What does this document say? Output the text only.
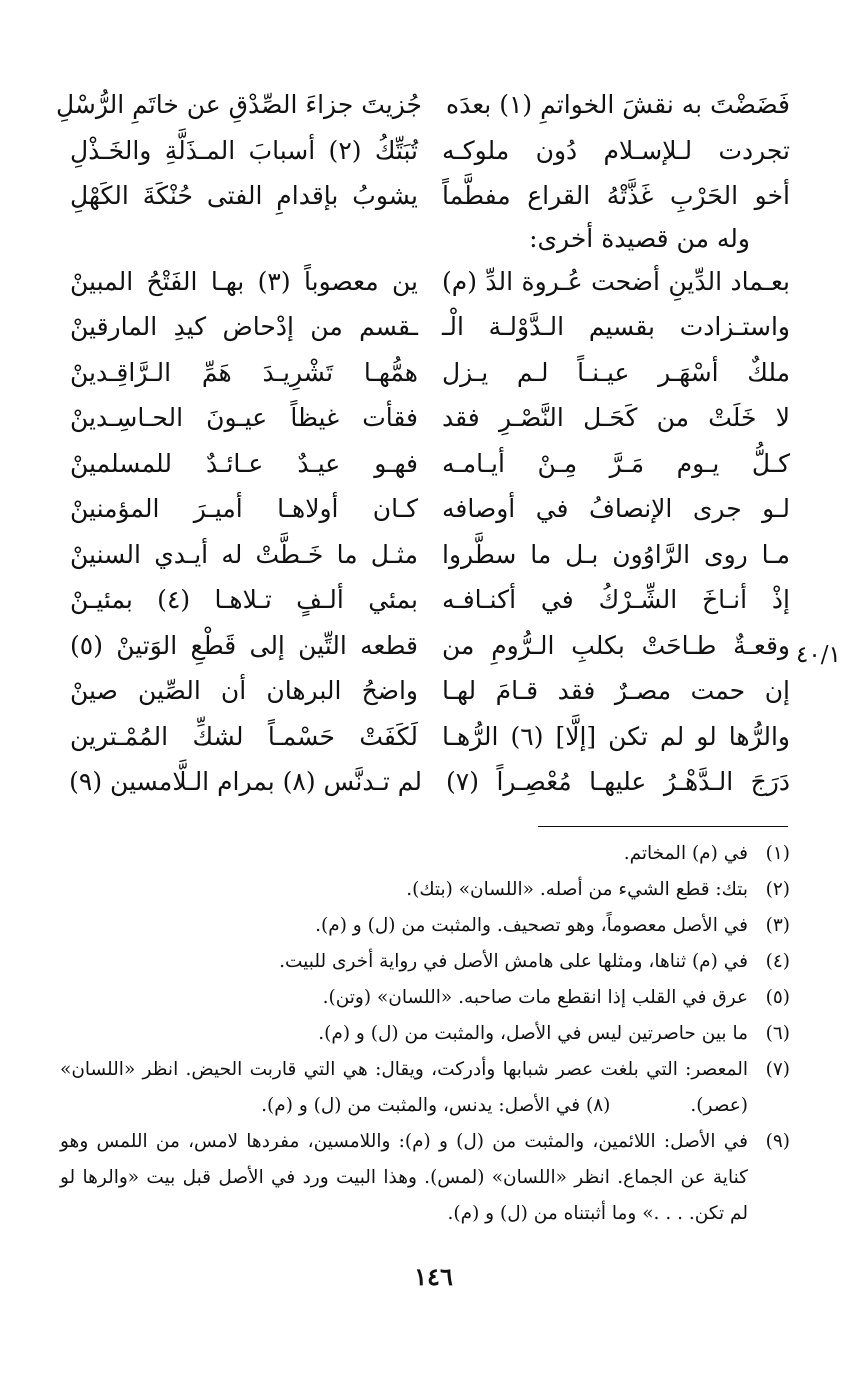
فَضَضْتَ به نقشَ الخواتمِ (١) بعدَه
جُزيتَ جزاءَ الصِّدْقِ عن خاتَمِ الرُّسْلِ
تجردت لـلإسـلام دُون ملوكـه
تُبَتِّكُ (٢) أسبابَ المـذَلَّةِ والخَـذْلِ
أخو الحَرْبِ غَذَّتْهُ القراع مفطَّماً
يشوبُ بإقدامِ الفتى حُنْكَةَ الكَهْلِ
وله من قصيدة أخرى:
بعـماد الدِّينِ أضحت عُـروة الدِّ (م)
ين معصوباً (٣) بهـا الفَتْحُ المبينْ
واستـزادت بقسيم الـدَّوْلـة الْـ
ـقسم من إدْحاض كيدِ المارقينْ
ملكٌ أسْهَـر عيـنـاً لـم يـزل
همُّهـا تَشْرِيـدَ هَمِّ الـرَّاقِـدينْ
لا خَلَتْ من كَحَـل النَّصْـرِ فقد
فقأت غيظاً عيـونَ الحـاسِـدينْ
كـلُّ يـوم مَـرَّ مِـنْ أيـامـه
فهـو عيـدٌ عـائـدٌ للمسلمينْ
لـو جرى الإنصافُ في أوصافه
كـان أولاهـا أميـرَ المؤمنينْ
مـا روى الرَّاوُون بـل ما سطَّروا
مثـل ما خَـطَّتْ له أيـدي السنينْ
إذْ أنـاخَ الشِّـرْكُ في أكنـافـه
بمئي ألـفٍ تـلاهـا (٤) بمئيـنْ
وقعـةٌ طـاحَتْ بكلبِ الـرُّومِ من
قطعه التِّين إلى قَطْعِ الوَتينْ (٥)
إن حمت مصـرٌ فقد قـامَ لهـا
واضحُ البرهان أن الصِّين صينْ
والرُّها لو لم تكن [إلَّا] (٦) الرُّهـا
لَكَفَتْ حَسْمـاً لشكِّ المُمْـترين
دَرَجَ الـدَّهْـرُ عليهـا مُعْصِـراً (٧)
لم تـدنَّس (٨) بمرام الـلَّامسين (٩)
٤٠/١
(١)
في (م) المخاتم.
(٢)
بتك: قطع الشيء من أصله. «اللسان» (بتك).
(٣)
في الأصل معصوماً، وهو تصحيف. والمثبت من (ل) و (م).
(٤)
في (م) ثناها، ومثلها على هامش الأصل في رواية أخرى للبيت.
(٥)
عرق في القلب إذا انقطع مات صاحبه. «اللسان» (وتن).
(٦)
ما بين حاصرتين ليس في الأصل، والمثبت من (ل) و (م).
(٧)
المعصر: التي بلغت عصر شبابها وأدركت، ويقال: هي التي قاربت الحيض. انظر «اللسان» (عصر).(٨) في الأصل: يدنس، والمثبت من (ل) و (م).
(٩)
في الأصل: اللائمين، والمثبت من (ل) و (م): واللامسين، مفردها لامس، من اللمس وهو كناية عن الجماع. انظر «اللسان» (لمس). وهذا البيت ورد في الأصل قبل بيت «والرها لو لم تكن. . . .» وما أثبتناه من (ل) و (م).
١٤٦
